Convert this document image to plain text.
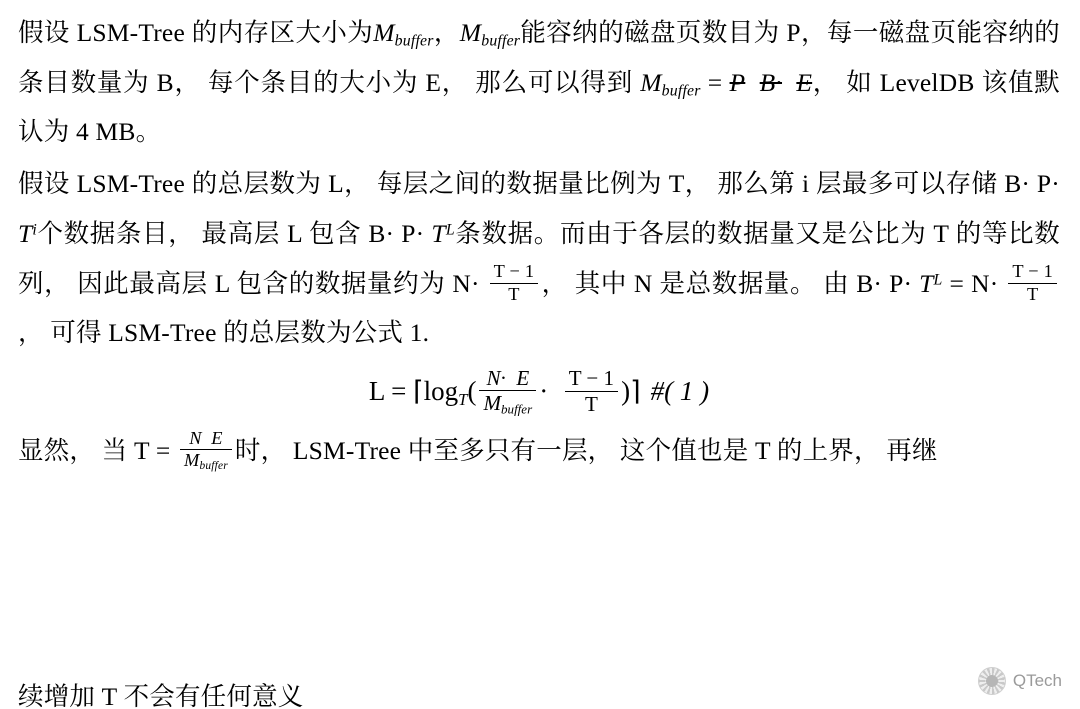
假设 LSM-Tree 的内存区大小为$M_{buffer}$，$M_{buffer}$能容纳的磁盘页数目为 P，每一磁盘页能容纳的条目数量为 B， 每个条目的大小为 E， 那么可以得到 $M_{buffer} = P$ B· E， 如 LevelDB 该值默认为 4 MB。

假设 LSM-Tree 的总层数为 L， 每层之间的数据量比例为 T， 那么第 i 层最多可以存储 $B\cdot P\cdot T^i$个数据条目， 最高层 L 包含 $B\cdot P\cdot T^L$条数据。而由于各层的数据量又是公比为 T 的等比数列， 因此最高层 L 包含的数据量约为 $N\cdot \frac{T - 1}{T}$ ， 其中 N 是总数据量。 由 $B\cdot P\cdot T^L = N\cdot \frac{T - 1}{T}$
， 可得 LSM-Tree 的总层数为公式 1.

L = ⌈logT( $\frac{N\cdot E}{M_{buffer}} \cdot \frac{T - 1}{T}$ )⌉ #( 1 )

显然， 当 $T = \frac{\text{N E}}{M_{buffer}}$ 时， LSM-Tree 中至多只有一层， 这个值也是 T 的上界， 再继

续增加 T 不会有任何意义
QTech
